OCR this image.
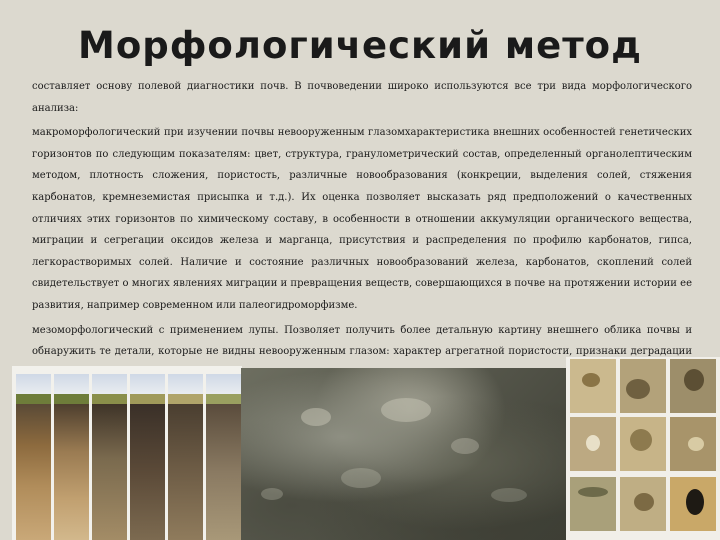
Морфологический метод

составляет основу полевой диагностики почв. В почвоведении широко используются все три вида морфологического анализа:

макроморфологический при изучении почвы невооруженным глазомхарактеристика внешних особенностей генетических горизонтов по следующим показателям: цвет, структура, гранулометрический состав, определенный органолептическим методом, плотность сложения, пористость, различные новообразования (конкреции, выделения солей, стяжения карбонатов, кремнеземистая присыпка и т.д.). Их оценка позволяет высказать ряд предположений о качественных отличиях этих горизонтов по химическому составу, в особенности в отношении аккумуляции органического вещества, миграции и сегрегации оксидов железа и марганца, присутствия и распределения по профилю карбонатов, гипса, легкорастворимых солей. Наличие и состояние различных новообразований железа, карбонатов, скоплений солей свидетельствует о многих явлениях миграции и превращения веществ, совершающихся в почве на протяжении истории ее развития, например современном или палеогидроморфизме.

мезоморфологический с применением лупы. Позволяет получить более детальную картину внешнего облика почвы и обнаружить те детали, которые не видны невооруженным глазом: характер агрегатной пористости, признаки деградации
